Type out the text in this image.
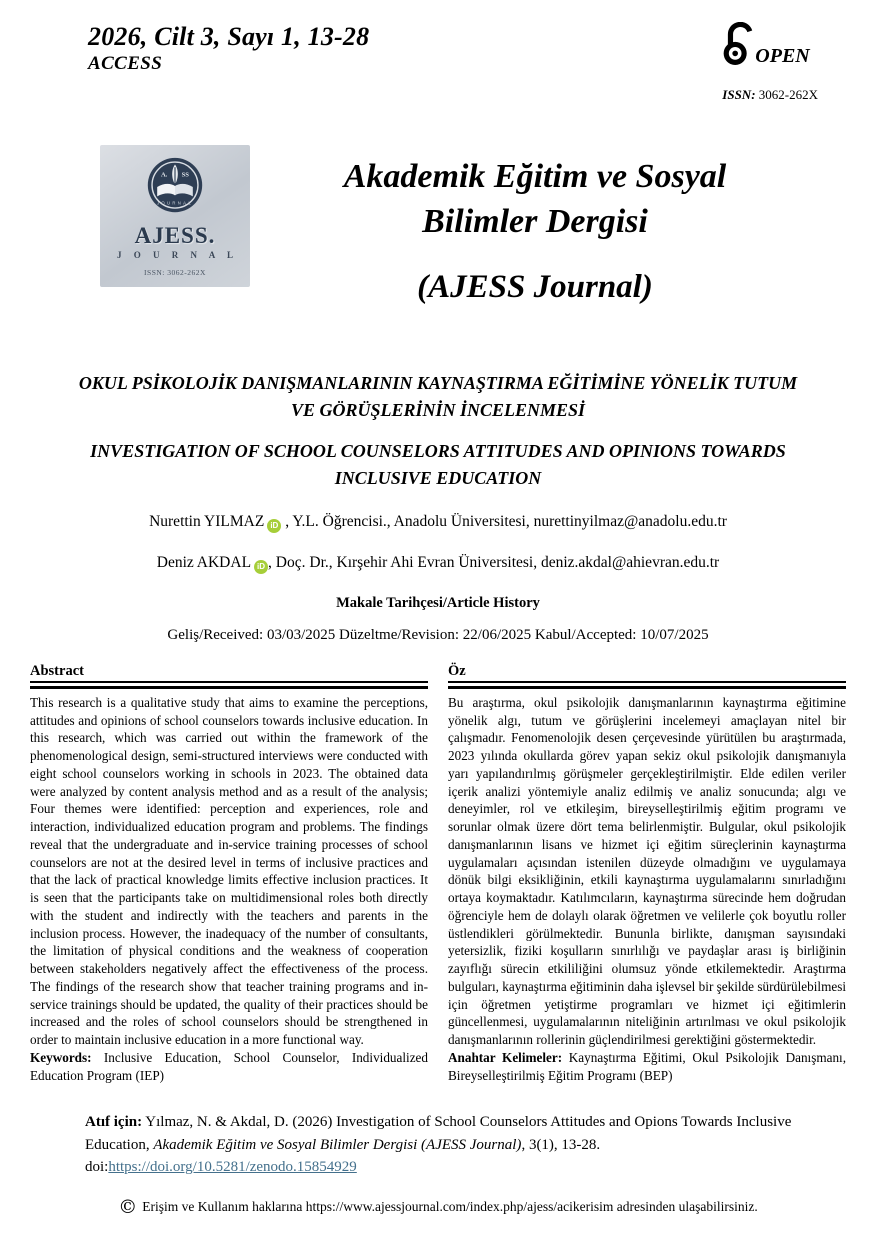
2026, Cilt 3, Sayı 1, 13-28
ACCESS	OPEN
ISSN: 3062-262X
A. SS
JOURNAL
AJESS.
J O U R N A L
ISSN: 3062-262X
Akademik Eğitim ve Sosyal Bilimler Dergisi
(AJESS Journal)
OKUL PSİKOLOJİK DANIŞMANLARININ KAYNAŞTIRMA EĞİTİMİNE YÖNELİK TUTUM VE GÖRÜŞLERİNİN İNCELENMESİ
INVESTIGATION OF SCHOOL COUNSELORS ATTITUDES AND OPINIONS TOWARDS INCLUSIVE EDUCATION
Nurettin YILMAZ iD , Y.L. Öğrencisi., Anadolu Üniversitesi, nurettinyilmaz@anadolu.edu.tr
Deniz AKDAL iD , Doç. Dr., Kırşehir Ahi Evran Üniversitesi, deniz.akdal@ahievran.edu.tr
Makale Tarihçesi/Article History
Geliş/Received: 03/03/2025 Düzeltme/Revision: 22/06/2025 Kabul/Accepted: 10/07/2025
Abstract
This research is a qualitative study that aims to examine the perceptions, attitudes and opinions of school counselors towards inclusive education. In this research, which was carried out within the framework of the phenomenological design, semi-structured interviews were conducted with eight school counselors working in schools in 2023. The obtained data were analyzed by content analysis method and as a result of the analysis; Four themes were identified: perception and experiences, role and interaction, individualized education program and problems. The findings reveal that the undergraduate and in-service training processes of school counselors are not at the desired level in terms of inclusive practices and that the lack of practical knowledge limits effective inclusion practices. It is seen that the participants take on multidimensional roles both directly with the student and indirectly with the teachers and parents in the inclusion process. However, the inadequacy of the number of consultants, the limitation of physical conditions and the weakness of cooperation between stakeholders negatively affect the effectiveness of the process. The findings of the research show that teacher training programs and in-service trainings should be updated, the quality of their practices should be increased and the roles of school counselors should be strengthened in order to maintain inclusive education in a more functional way.
Keywords: Inclusive Education, School Counselor, Individualized Education Program (IEP)
Öz
Bu araştırma, okul psikolojik danışmanlarının kaynaştırma eğitimine yönelik algı, tutum ve görüşlerini incelemeyi amaçlayan nitel bir çalışmadır. Fenomenolojik desen çerçevesinde yürütülen bu araştırmada, 2023 yılında okullarda görev yapan sekiz okul psikolojik danışmanıyla yarı yapılandırılmış görüşmeler gerçekleştirilmiştir. Elde edilen veriler içerik analizi yöntemiyle analiz edilmiş ve analiz sonucunda; algı ve deneyimler, rol ve etkileşim, bireyselleştirilmiş eğitim programı ve sorunlar olmak üzere dört tema belirlenmiştir. Bulgular, okul psikolojik danışmanlarının lisans ve hizmet içi eğitim süreçlerinin kaynaştırma uygulamaları açısından istenilen düzeyde olmadığını ve uygulamaya dönük bilgi eksikliğinin, etkili kaynaştırma uygulamalarını sınırladığını ortaya koymaktadır. Katılımcıların, kaynaştırma sürecinde hem doğrudan öğrenciyle hem de dolaylı olarak öğretmen ve velilerle çok boyutlu roller üstlendikleri görülmektedir. Bununla birlikte, danışman sayısındaki yetersizlik, fiziki koşulların sınırlılığı ve paydaşlar arası iş birliğinin zayıflığı sürecin etkililiğini olumsuz yönde etkilemektedir. Araştırma bulguları, kaynaştırma eğitiminin daha işlevsel bir şekilde sürdürülebilmesi için öğretmen yetiştirme programları ve hizmet içi eğitimlerin güncellenmesi, uygulamalarının niteliğinin artırılması ve okul psikolojik danışmanlarının rollerinin güçlendirilmesi gerektiğini göstermektedir.
Anahtar Kelimeler: Kaynaştırma Eğitimi, Okul Psikolojik Danışmanı, Bireyselleştirilmiş Eğitim Programı (BEP)
Atıf için: Yılmaz, N. & Akdal, D. (2026) Investigation of School Counselors Attitudes and Opions Towards Inclusive Education, Akademik Eğitim ve Sosyal Bilimler Dergisi (AJESS Journal), 3(1), 13-28. doi:https://doi.org/10.5281/zenodo.15854929
© Erişim ve Kullanım haklarına https://www.ajessjournal.com/index.php/ajess/acikerisim adresinden ulaşabilirsiniz.
